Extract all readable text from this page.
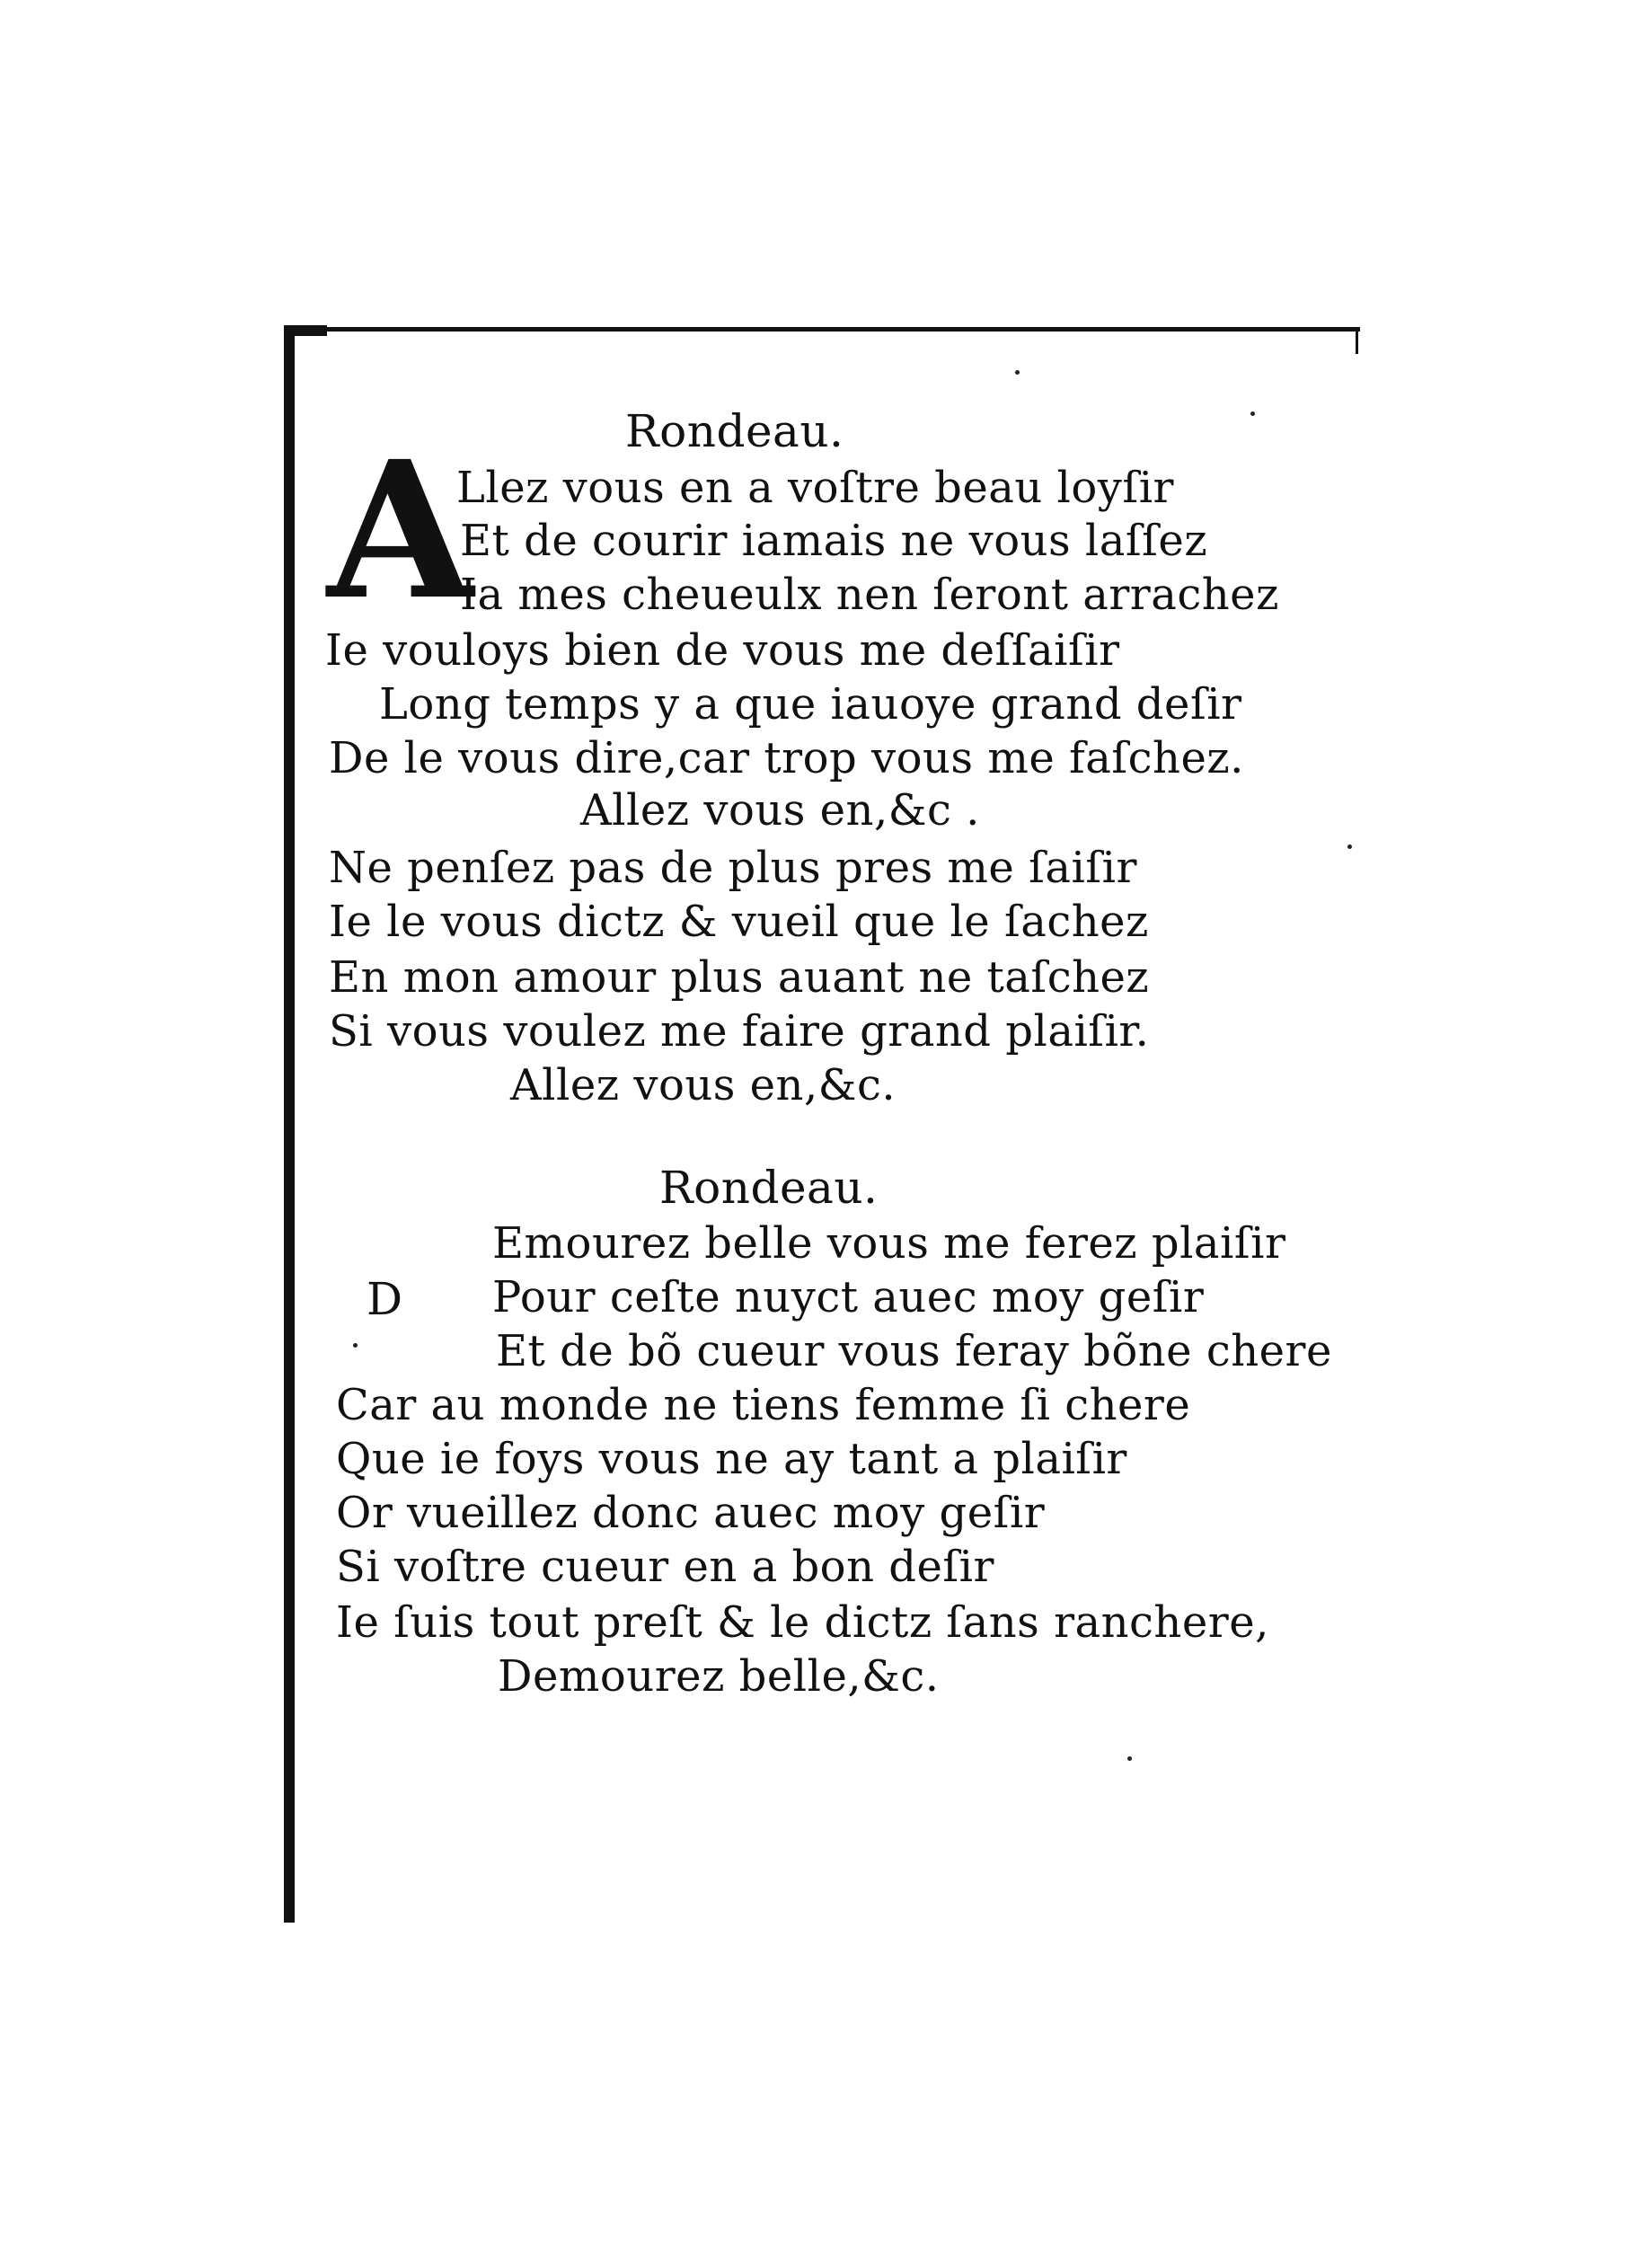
Rondeau.
A
Llez vous en a voſtre beau loyſir
Et de courir iamais ne vous laſſez
Ia mes cheueulx nen ſeront arrachez
Ie vouloys bien de vous me deſſaiſir
Long temps y a que iauoye grand deſir
De le vous dire,car trop vous me faſchez.
Allez vous en,&c .
Ne penſez pas de plus pres me ſaiſir
Ie le vous dictz & vueil que le ſachez
En mon amour plus auant ne taſchez
Si vous voulez me faire grand plaiſir.
Allez vous en,&c.
Rondeau.
D
Emourez belle vous me ferez plaiſir
Pour ceſte nuyct auec moy geſir
Et de bõ cueur vous feray bõne chere
Car au monde ne tiens femme ſi chere
Que ie foys vous ne ay tant a plaiſir
Or vueillez donc auec moy geſir
Si voſtre cueur en a bon deſir
Ie ſuis tout preſt & le dictz ſans ranchere,
Demourez belle,&c.
